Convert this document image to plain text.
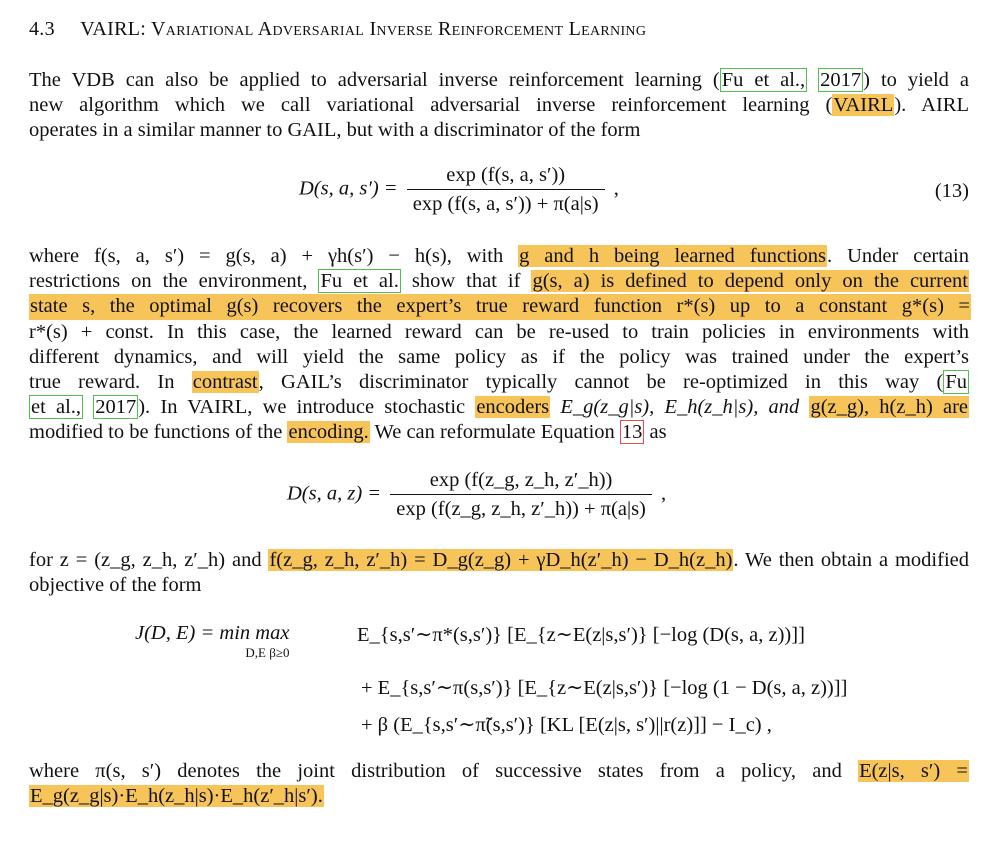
4.3 VAIRL: Variational Adversarial Inverse Reinforcement Learning
The VDB can also be applied to adversarial inverse reinforcement learning (Fu et al., 2017) to yield a
new algorithm which we call variational adversarial inverse reinforcement learning (VAIRL). AIRL
operates in a similar manner to GAIL, but with a discriminator of the form
D(s, a, $s') = \frac{\exp (f(s, a, s'))}{\exp (f(s, a, s')) + \pi(a|s)}$ ,	(13)
where f(s, a, s′) = g(s, a) + γh(s′) − h(s), with g and h being learned functions. Under certain
restrictions on the environment, Fu et al. show that if g(s, a) is defined to depend only on the current
state s, the optimal g(s) recovers the expert’s true reward function r*(s) up to a constant g*(s) =
r*(s) + const. In this case, the learned reward can be re-used to train policies in environments with
different dynamics, and will yield the same policy as if the policy was trained under the expert’s
true reward. In contrast, GAIL’s discriminator typically cannot be re-optimized in this way (Fu
et al., 2017). In VAIRL, we introduce stochastic encoders E_g(z_g|s), E_h(z_h|s), and g(z_g), h(z_h) are
modified to be functions of the encoding. We can reformulate Equation 13 as
D(s, a, $z) = \frac{\exp (f(z\_g, z\_h, z'\_h))}{\exp (f(z\_g, z\_h, z'\_h)) + \pi(a|s)}$ ,
for z = (z_g, z_h, z′_h) and f(z_g, z_h, z′_h) = D_g(z_g) + γD_h(z′_h) − D_h(z_h). We then obtain a modified
objective of the form
J(D, E) = min max
D,E β≥0
E_{s,s′∼π*(s,s′)} [E_{z∼E(z|s,s′)} [−log (D(s, a, z))]]
+ E_{s,s′∼π(s,s′)} [E_{z∼E(z|s,s′)} [−log (1 − D(s, a, z))]]
+ β (E_{s,s′∼π̃(s,s′)} [KL [E(z|s, s′)||r(z)]] − I_c) ,
where π(s, s′) denotes the joint distribution of successive states from a policy, and E(z|s, s′) =
E_g(z_g|s)·E_h(z_h|s)·E_h(z′_h|s′).
